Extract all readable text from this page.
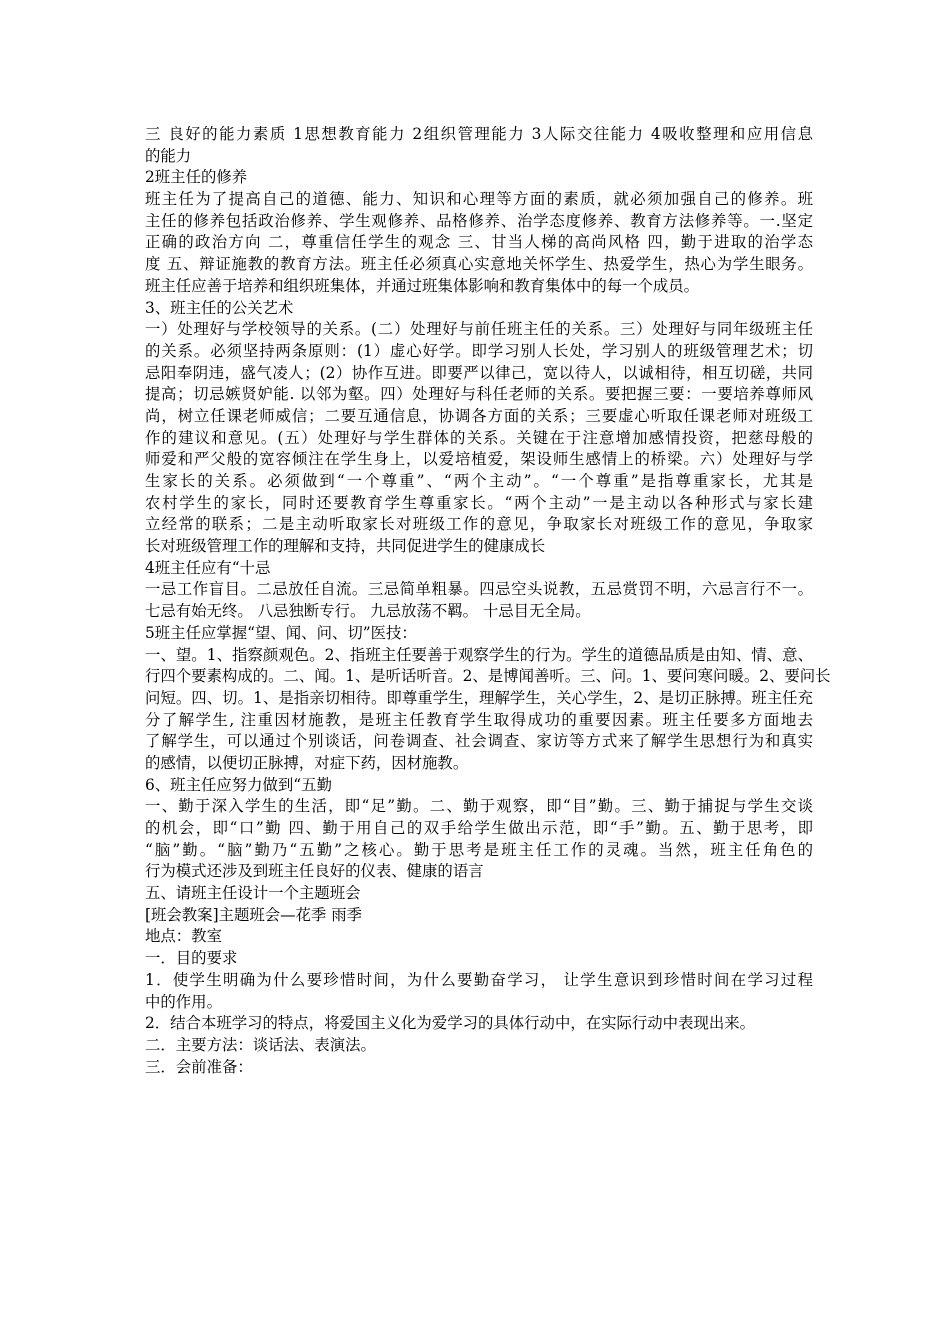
三 良好的能力素质 1思想教育能力 2组织管理能力 3人际交往能力 4吸收整理和应用信息
的能力
2班主任的修养
班主任为了提高自己的道德、能力、知识和心理等方面的素质，就必须加强自己的修养。班
主任的修养包括政治修养、学生观修养、品格修养、治学态度修养、教育方法修养等。一.坚定
正确的政治方向 二，尊重信任学生的观念 三、甘当人梯的高尚风格 四，勤于进取的治学态
度 五、辩证施教的教育方法。班主任必须真心实意地关怀学生、热爱学生，热心为学生眼务。
班主任应善于培养和组织班集体，并通过班集体影响和教育集体中的每一个成员。
3、班主任的公关艺术
一）处理好与学校领导的关系。(二）处理好与前任班主任的关系。三）处理好与同年级班主任
的关系。必须坚持两条原则：(1）虚心好学。即学习别人长处，学习别人的班级管理艺术；切
忌阳奉阴违，盛气凌人；(2）协作互进。即要严以律己，宽以待人，以诚相待，相互切磋，共同
提高；切忌嫉贤妒能. 以邻为壑。四）处理好与科任老师的关系。要把握三要：一要培养尊师风
尚，树立任课老师威信；二要互通信息，协调各方面的关系；三要虚心听取任课老师对班级工
作的建议和意见。(五）处理好与学生群体的关系。关键在于注意增加感情投资，把慈母般的
师爱和严父般的宽容倾注在学生身上，以爱培植爱，架设师生感情上的桥梁。六）处理好与学
生家长的关系。必须做到“一个尊重”、“两个主动”。“一个尊重”是指尊重家长，尤其是
农村学生的家长，同时还要教育学生尊重家长。“两个主动”一是主动以各种形式与家长建
立经常的联系；二是主动听取家长对班级工作的意见，争取家长对班级工作的意见，争取家
长对班级管理工作的理解和支持，共同促进学生的健康成长
4班主任应有“十忌
一忌工作盲目。二忌放任自流。三忌简单粗暴。四忌空头说教，五忌赏罚不明，六忌言行不一。
七忌有始无终。 八忌独断专行。 九忌放荡不羁。 十忌目无全局。
5班主任应掌握“望、闻、问、切”医技：
一、望。1、指察颜观色。2、指班主任要善于观察学生的行为。学生的道德品质是由知、情、意、
行四个要素构成的。二、闻。1、是听话听音。2、是博闻善听。三、问。1、要问寒问暖。2、要问长
问短。四、切。1、是指亲切相待。即尊重学生，理解学生，关心学生，2、是切正脉搏。班主任充
分了解学生, 注重因材施教，是班主任教育学生取得成功的重要因素。班主任要多方面地去
了解学生，可以通过个别谈话，问卷调查、社会调查、家访等方式来了解学生思想行为和真实
的感情，以便切正脉搏，对症下药，因材施教。
6、班主任应努力做到“五勤
一、勤于深入学生的生活，即“足”勤。二、勤于观察，即“目”勤。三、勤于捕捉与学生交谈
的机会，即“口”勤 四、勤于用自己的双手给学生做出示范，即“手”勤。五、勤于思考，即
“脑”勤。“脑”勤乃“五勤”之核心。勤于思考是班主任工作的灵魂。当然，班主任角色的
行为模式还涉及到班主任良好的仪表、健康的语言
五、请班主任设计一个主题班会
[班会教案]主题班会—花季 雨季
地点：教室
一．目的要求
1．使学生明确为什么要珍惜时间，为什么要勤奋学习， 让学生意识到珍惜时间在学习过程
中的作用。
2．结合本班学习的特点，将爱国主义化为爱学习的具体行动中，在实际行动中表现出来。
二．主要方法：谈话法、表演法。
三．会前准备：
